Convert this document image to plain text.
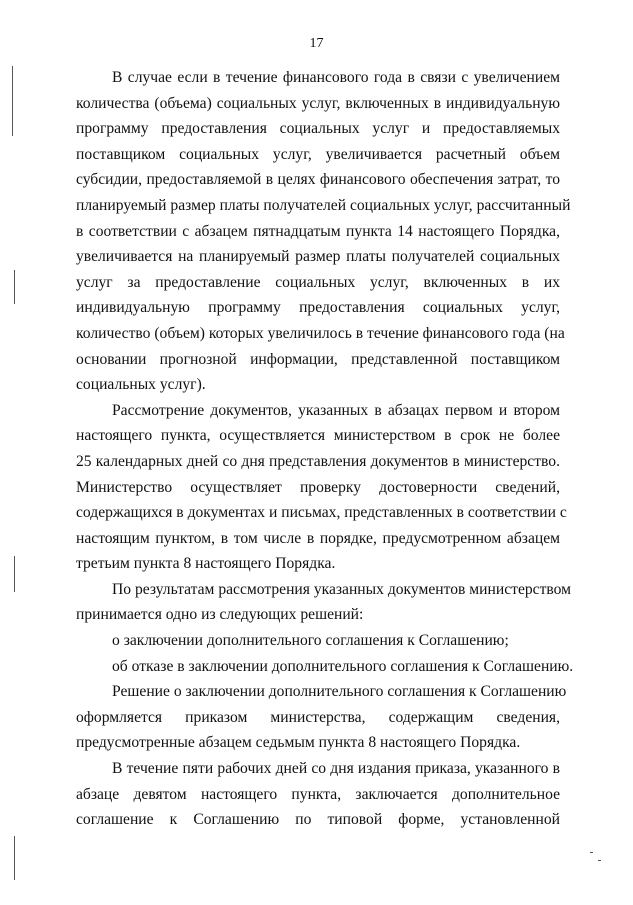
17
В случае если в течение финансового года в связи с увеличением
количества (объема) социальных услуг, включенных в индивидуальную
программу предоставления социальных услуг и предоставляемых
поставщиком социальных услуг, увеличивается расчетный объем
субсидии, предоставляемой в целях финансового обеспечения затрат, то
планируемый размер платы получателей социальных услуг, рассчитанный
в соответствии с абзацем пятнадцатым пункта 14 настоящего Порядка,
увеличивается на планируемый размер платы получателей социальных
услуг за предоставление социальных услуг, включенных в их
индивидуальную программу предоставления социальных услуг,
количество (объем) которых увеличилось в течение финансового года (на
основании прогнозной информации, представленной поставщиком
социальных услуг).
Рассмотрение документов, указанных в абзацах первом и втором
настоящего пункта, осуществляется министерством в срок не более
25 календарных дней со дня представления документов в министерство.
Министерство осуществляет проверку достоверности сведений,
содержащихся в документах и письмах, представленных в соответствии с
настоящим пунктом, в том числе в порядке, предусмотренном абзацем
третьим пункта 8 настоящего Порядка.
По результатам рассмотрения указанных документов министерством
принимается одно из следующих решений:
о заключении дополнительного соглашения к Соглашению;
об отказе в заключении дополнительного соглашения к Соглашению.
Решение о заключении дополнительного соглашения к Соглашению
оформляется приказом министерства, содержащим сведения,
предусмотренные абзацем седьмым пункта 8 настоящего Порядка.
В течение пяти рабочих дней со дня издания приказа, указанного в
абзаце девятом настоящего пункта, заключается дополнительное
соглашение к Соглашению по типовой форме, установленной
